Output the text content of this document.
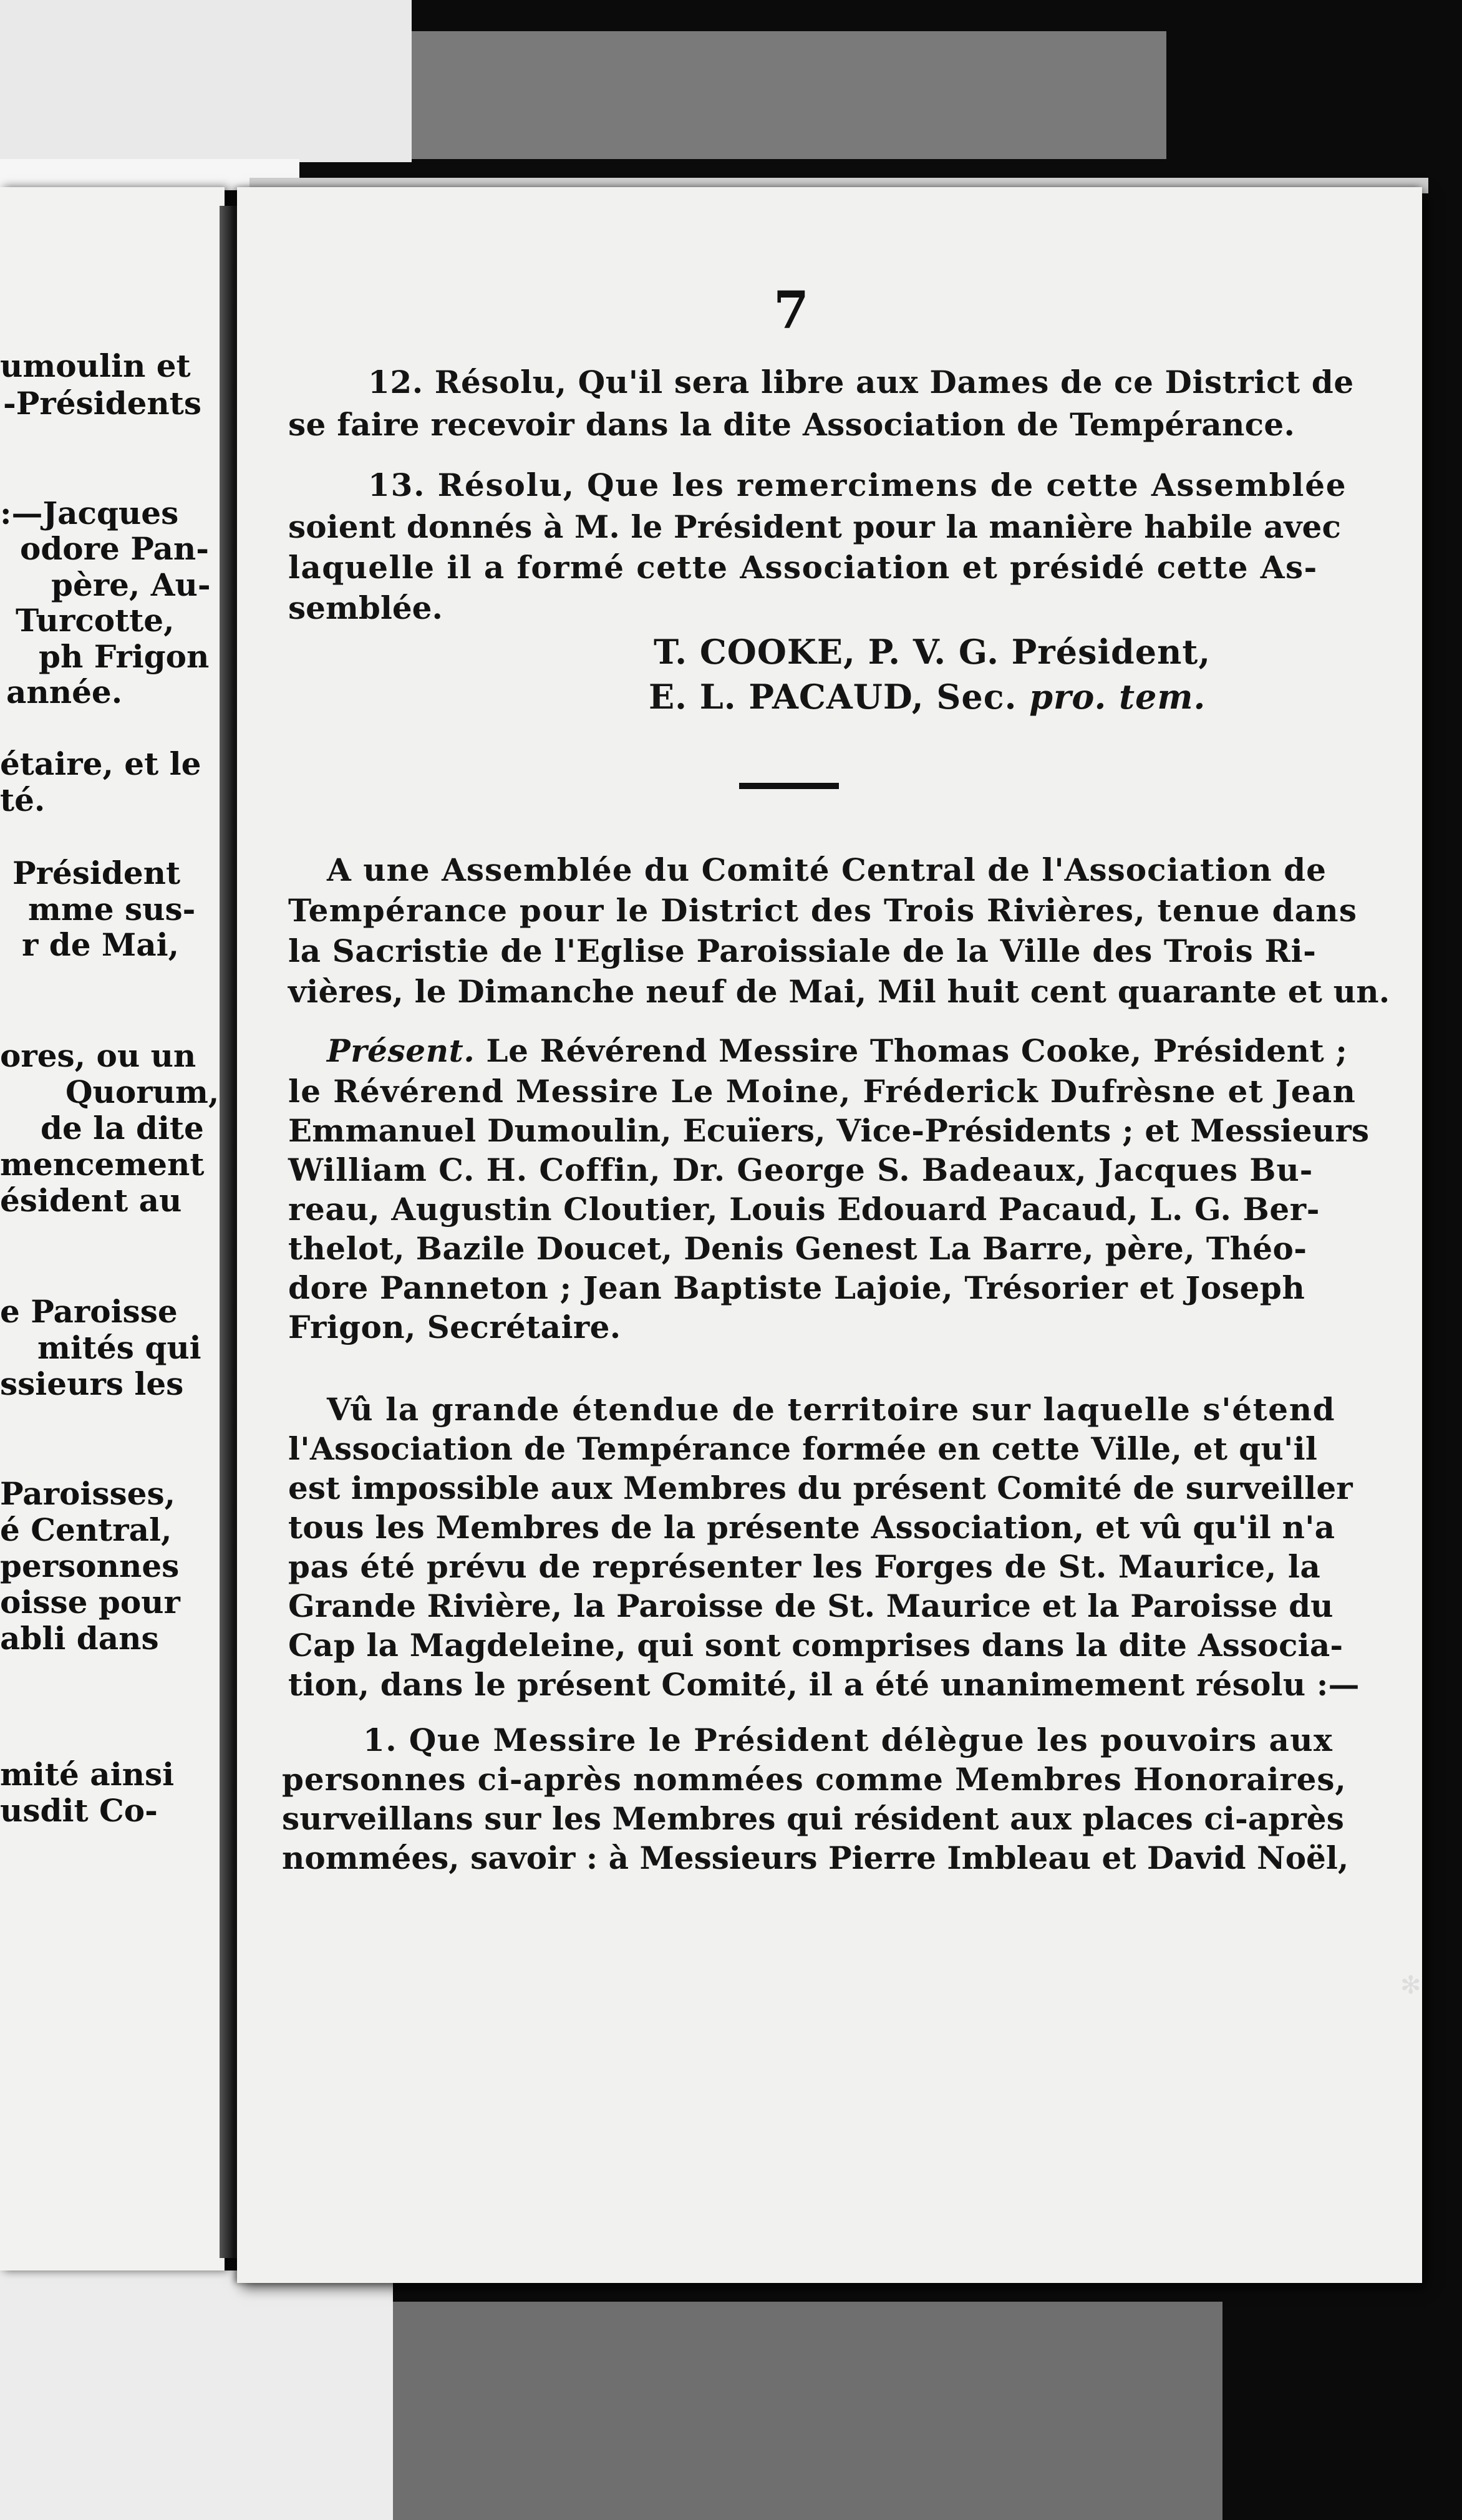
umoulin et
-Présidents
:—Jacques
odore Pan-
père, Au-
Turcotte,
ph Frigon
année.
étaire, et le
té.
Président
mme sus-
r de Mai,
ores, ou un
Quorum,
de la dite
mencement
ésident au
e Paroisse
mités qui
ssieurs les
Paroisses,
é Central,
personnes
oisse pour
abli dans
mité ainsi
usdit Co-
7
12. Résolu, Qu'il sera libre aux Dames de ce District de
se faire recevoir dans la dite Association de Tempérance.
13. Résolu, Que les remercimens de cette Assemblée
soient donnés à M. le Président pour la manière habile avec
laquelle il a formé cette Association et présidé cette As-
semblée.
T. COOKE, P. V. G. Président,
E. L. PACAUD, Sec. pro. tem.
A une Assemblée du Comité Central de l'Association de
Tempérance pour le District des Trois Rivières, tenue dans
la Sacristie de l'Eglise Paroissiale de la Ville des Trois Ri-
vières, le Dimanche neuf de Mai, Mil huit cent quarante et un.
Présent. Le Révérend Messire Thomas Cooke, Président ;
le Révérend Messire Le Moine, Fréderick Dufrèsne et Jean
Emmanuel Dumoulin, Ecuïers, Vice-Présidents ; et Messieurs
William C. H. Coffin, Dr. George S. Badeaux, Jacques Bu-
reau, Augustin Cloutier, Louis Edouard Pacaud, L. G. Ber-
thelot, Bazile Doucet, Denis Genest La Barre, père, Théo-
dore Panneton ; Jean Baptiste Lajoie, Trésorier et Joseph
Frigon, Secrétaire.
Vû la grande étendue de territoire sur laquelle s'étend
l'Association de Tempérance formée en cette Ville, et qu'il
est impossible aux Membres du présent Comité de surveiller
tous les Membres de la présente Association, et vû qu'il n'a
pas été prévu de représenter les Forges de St. Maurice, la
Grande Rivière, la Paroisse de St. Maurice et la Paroisse du
Cap la Magdeleine, qui sont comprises dans la dite Associa-
tion, dans le présent Comité, il a été unanimement résolu :—
1. Que Messire le Président délègue les pouvoirs aux
personnes ci-après nommées comme Membres Honoraires,
surveillans sur les Membres qui résident aux places ci-après
nommées, savoir : à Messieurs Pierre Imbleau et David Noël,
✻
